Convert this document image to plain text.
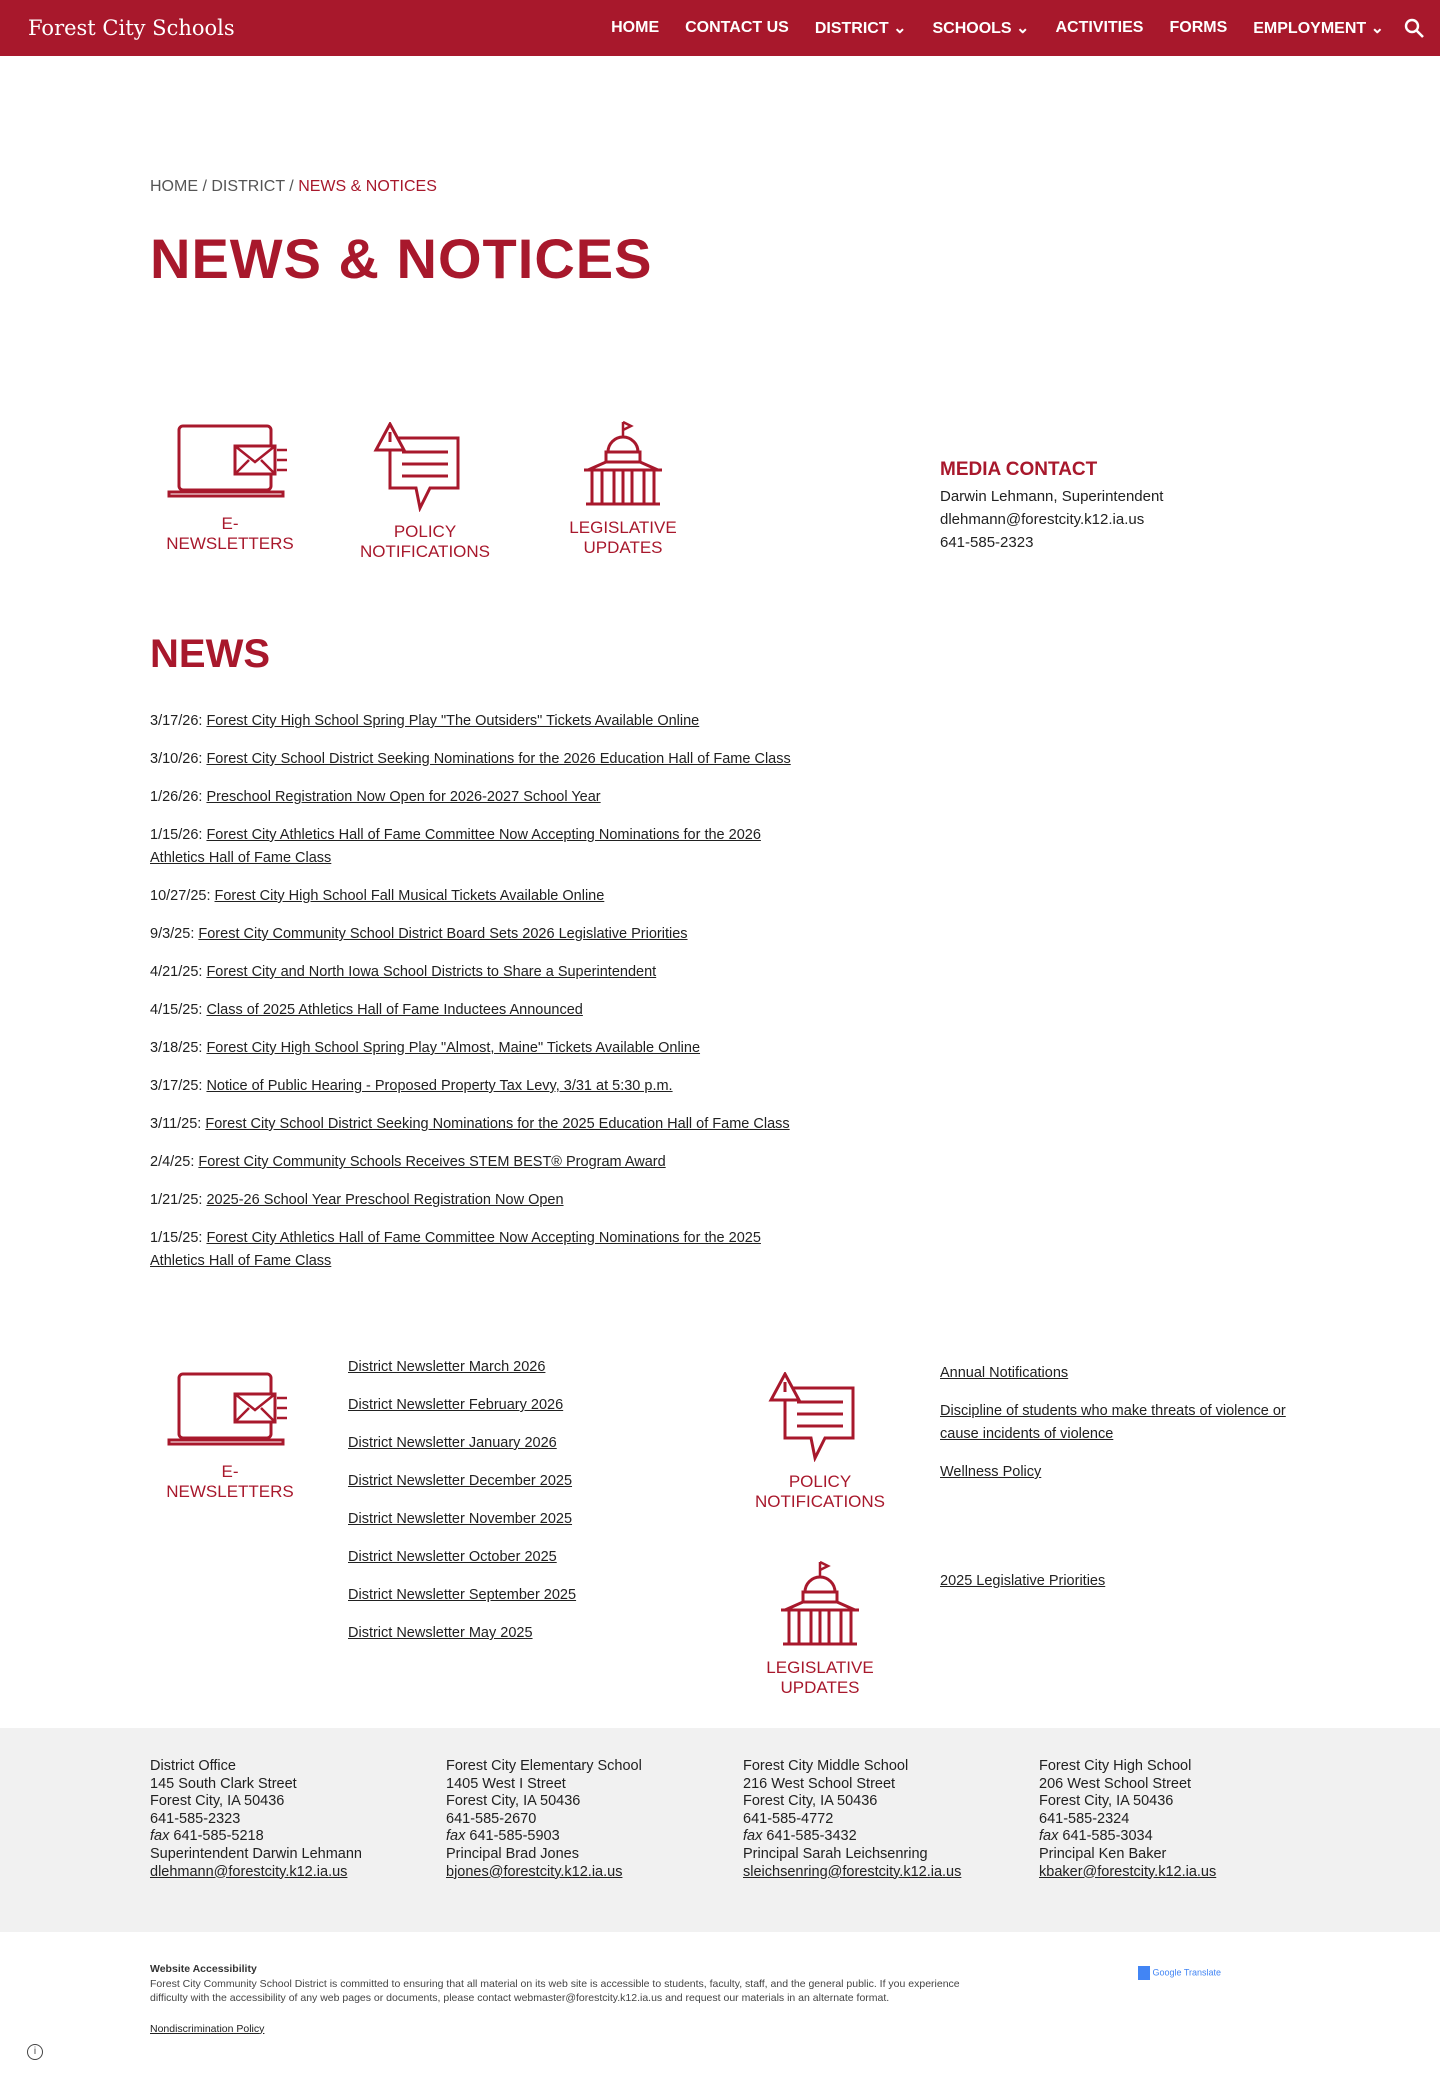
Forest City Schools	HOME CONTACT US DISTRICT ⌄ SCHOOLS ⌄ ACTIVITIES FORMS EMPLOYMENT ⌄
HOME / DISTRICT / NEWS & NOTICES
NEWS & NOTICES
E-NEWSLETTERS
POLICY
NOTIFICATIONS
LEGISLATIVE
UPDATES
MEDIA CONTACT
Darwin Lehmann, Superintendent
dlehmann@forestcity.k12.ia.us
641-585-2323
NEWS
3/17/26: Forest City High School Spring Play "The Outsiders" Tickets Available Online
3/10/26: Forest City School District Seeking Nominations for the 2026 Education Hall of Fame Class
1/26/26: Preschool Registration Now Open for 2026-2027 School Year
1/15/26: Forest City Athletics Hall of Fame Committee Now Accepting Nominations for the 2026 Athletics Hall of Fame Class
10/27/25: Forest City High School Fall Musical Tickets Available Online
9/3/25: Forest City Community School District Board Sets 2026 Legislative Priorities
4/21/25: Forest City and North Iowa School Districts to Share a Superintendent
4/15/25: Class of 2025 Athletics Hall of Fame Inductees Announced
3/18/25: Forest City High School Spring Play "Almost, Maine" Tickets Available Online
3/17/25: Notice of Public Hearing - Proposed Property Tax Levy, 3/31 at 5:30 p.m.
3/11/25: Forest City School District Seeking Nominations for the 2025 Education Hall of Fame Class
2/4/25: Forest City Community Schools Receives STEM BEST® Program Award
1/21/25: 2025-26 School Year Preschool Registration Now Open
1/15/25: Forest City Athletics Hall of Fame Committee Now Accepting Nominations for the 2025 Athletics Hall of Fame Class
E-NEWSLETTERS
District Newsletter March 2026
District Newsletter February 2026
District Newsletter January 2026
District Newsletter December 2025
District Newsletter November 2025
District Newsletter October 2025
District Newsletter September 2025
District Newsletter May 2025
POLICY
NOTIFICATIONS
Annual Notifications
Discipline of students who make threats of violence or cause incidents of violence
Wellness Policy
LEGISLATIVE
UPDATES
2025 Legislative Priorities
District Office
145 South Clark Street
Forest City, IA 50436
641-585-2323
fax 641-585-5218
Superintendent Darwin Lehmann
dlehmann@forestcity.k12.ia.us
Forest City Elementary School
1405 West I Street
Forest City, IA 50436
641-585-2670
fax 641-585-5903
Principal Brad Jones
bjones@forestcity.k12.ia.us
Forest City Middle School
216 West School Street
Forest City, IA 50436
641-585-4772
fax 641-585-3432
Principal Sarah Leichsenring
sleichsenring@forestcity.k12.ia.us
Forest City High School
206 West School Street
Forest City, IA 50436
641-585-2324
fax 641-585-3034
Principal Ken Baker
kbaker@forestcity.k12.ia.us
Website Accessibility
Forest City Community School District is committed to ensuring that all material on its web site is accessible to students, faculty, staff, and the general public. If you experience difficulty with the accessibility of any web pages or documents, please contact webmaster@forestcity.k12.ia.us and request our materials in an alternate format.
Nondiscrimination Policy
Google Translate
i
